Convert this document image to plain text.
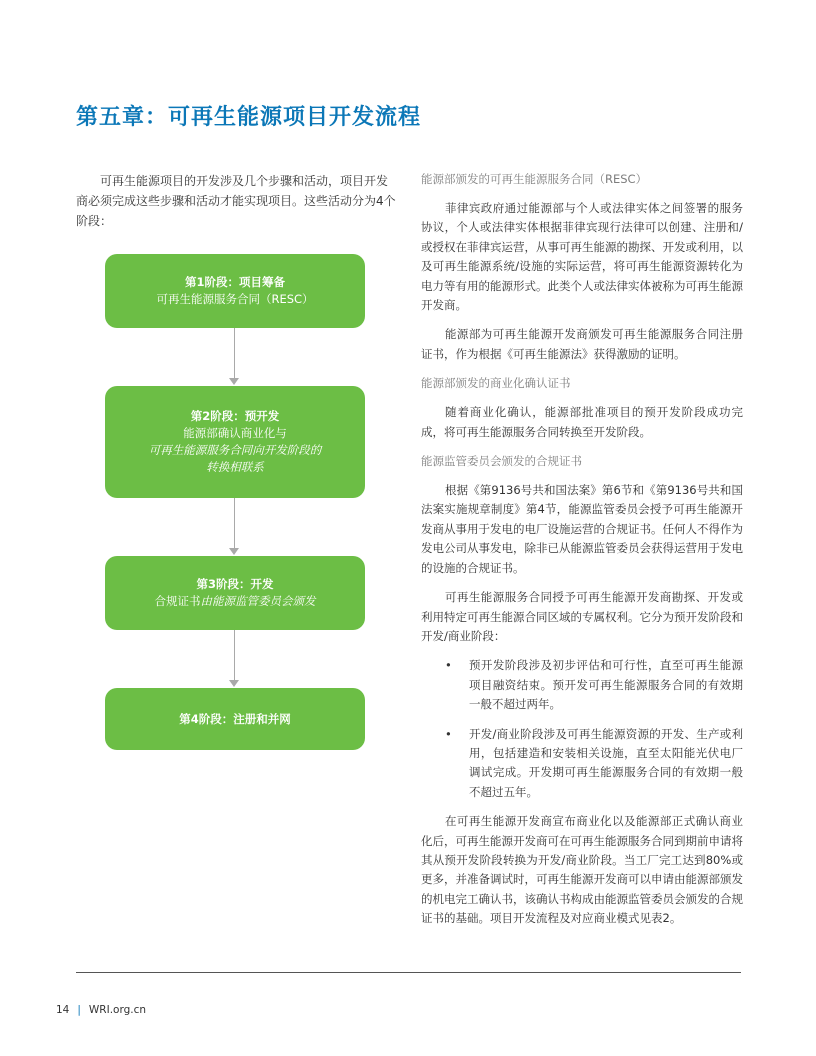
第五章：可再生能源项目开发流程

可再生能源项目的开发涉及几个步骤和活动，项目开发商必须完成这些步骤和活动才能实现项目。这些活动分为4个阶段：

第1阶段：项目筹备
可再生能源服务合同（RESC）
第2阶段：预开发
能源部确认商业化与
可再生能源服务合同向开发阶段的
转换相联系
第3阶段：开发
合规证书由能源监管委员会颁发
第4阶段：注册和并网
能源部颁发的可再生能源服务合同（RESC）

菲律宾政府通过能源部与个人或法律实体之间签署的服务协议，个人或法律实体根据菲律宾现行法律可以创建、注册和/或授权在菲律宾运营，从事可再生能源的勘探、开发或利用，以及可再生能源系统/设施的实际运营，将可再生能源资源转化为电力等有用的能源形式。此类个人或法律实体被称为可再生能源开发商。

能源部为可再生能源开发商颁发可再生能源服务合同注册证书，作为根据《可再生能源法》获得激励的证明。

能源部颁发的商业化确认证书

随着商业化确认，能源部批准项目的预开发阶段成功完成，将可再生能源服务合同转换至开发阶段。

能源监管委员会颁发的合规证书

根据《第9136号共和国法案》第6节和《第9136号共和国法案实施规章制度》第4节，能源监管委员会授予可再生能源开发商从事用于发电的电厂设施运营的合规证书。任何人不得作为发电公司从事发电，除非已从能源监管委员会获得运营用于发电的设施的合规证书。

可再生能源服务合同授予可再生能源开发商勘探、开发或利用特定可再生能源合同区域的专属权利。它分为预开发阶段和开发/商业阶段：

• 预开发阶段涉及初步评估和可行性，直至可再生能源项目融资结束。预开发可再生能源服务合同的有效期一般不超过两年。
• 开发/商业阶段涉及可再生能源资源的开发、生产或利用，包括建造和安装相关设施，直至太阳能光伏电厂调试完成。开发期可再生能源服务合同的有效期一般不超过五年。

在可再生能源开发商宣布商业化以及能源部正式确认商业化后，可再生能源开发商可在可再生能源服务合同到期前申请将其从预开发阶段转换为开发/商业阶段。当工厂完工达到80%或更多，并准备调试时，可再生能源开发商可以申请由能源部颁发的机电完工确认书，该确认书构成由能源监管委员会颁发的合规证书的基础。项目开发流程及对应商业模式见表2。

14 | WRI.org.cn
